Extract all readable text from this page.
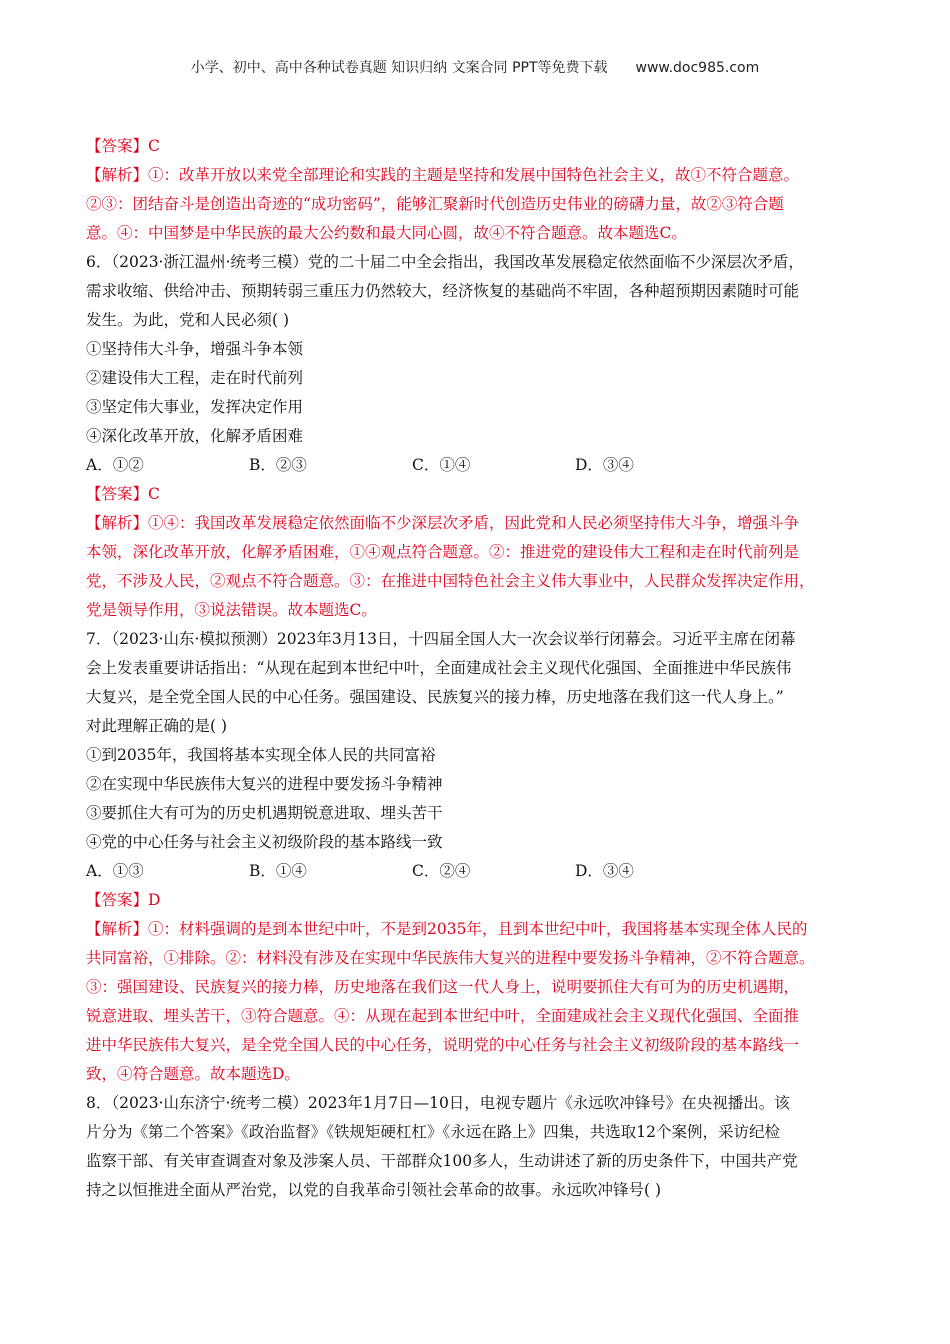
小学、初中、高中各种试卷真题 知识归纳 文案合同 PPT等免费下载 www.doc985.com

【答案】C

【解析】①：改革开放以来党全部理论和实践的主题是坚持和发展中国特色社会主义，故①不符合题意。

②③：团结奋斗是创造出奇迹的“成功密码”，能够汇聚新时代创造历史伟业的磅礴力量，故②③符合题

意。④：中国梦是中华民族的最大公约数和最大同心圆，故④不符合题意。故本题选C。

6．（2023·浙江温州·统考三模）党的二十届二中全会指出，我国改革发展稳定依然面临不少深层次矛盾，

需求收缩、供给冲击、预期转弱三重压力仍然较大，经济恢复的基础尚不牢固，各种超预期因素随时可能

发生。为此，党和人民必须( )

①坚持伟大斗争，增强斗争本领

②建设伟大工程，走在时代前列

③坚定伟大事业，发挥决定作用

④深化改革开放，化解矛盾困难

A．①②	B．②③	C．①④	D．③④

【答案】C

【解析】①④：我国改革发展稳定依然面临不少深层次矛盾，因此党和人民必须坚持伟大斗争，增强斗争

本领，深化改革开放，化解矛盾困难，①④观点符合题意。②：推进党的建设伟大工程和走在时代前列是

党，不涉及人民，②观点不符合题意。③：在推进中国特色社会主义伟大事业中，人民群众发挥决定作用，

党是领导作用，③说法错误。故本题选C。

7．（2023·山东·模拟预测）2023年3月13日，十四届全国人大一次会议举行闭幕会。习近平主席在闭幕

会上发表重要讲话指出：“从现在起到本世纪中叶，全面建成社会主义现代化强国、全面推进中华民族伟

大复兴，是全党全国人民的中心任务。强国建设、民族复兴的接力棒，历史地落在我们这一代人身上。”

对此理解正确的是( )

①到2035年，我国将基本实现全体人民的共同富裕

②在实现中华民族伟大复兴的进程中要发扬斗争精神

③要抓住大有可为的历史机遇期锐意进取、埋头苦干

④党的中心任务与社会主义初级阶段的基本路线一致

A．①③	B．①④	C．②④	D．③④

【答案】D

【解析】①：材料强调的是到本世纪中叶，不是到2035年，且到本世纪中叶，我国将基本实现全体人民的

共同富裕，①排除。②：材料没有涉及在实现中华民族伟大复兴的进程中要发扬斗争精神，②不符合题意。

③：强国建设、民族复兴的接力棒，历史地落在我们这一代人身上，说明要抓住大有可为的历史机遇期，

锐意进取、埋头苦干，③符合题意。④：从现在起到本世纪中叶，全面建成社会主义现代化强国、全面推

进中华民族伟大复兴，是全党全国人民的中心任务，说明党的中心任务与社会主义初级阶段的基本路线一

致，④符合题意。故本题选D。

8．（2023·山东济宁·统考二模）2023年1月7日—10日，电视专题片《永远吹冲锋号》在央视播出。该

片分为《第二个答案》《政治监督》《铁规矩硬杠杠》《永远在路上》四集，共选取12个案例，采访纪检

监察干部、有关审查调查对象及涉案人员、干部群众100多人，生动讲述了新的历史条件下，中国共产党

持之以恒推进全面从严治党，以党的自我革命引领社会革命的故事。永远吹冲锋号( )
